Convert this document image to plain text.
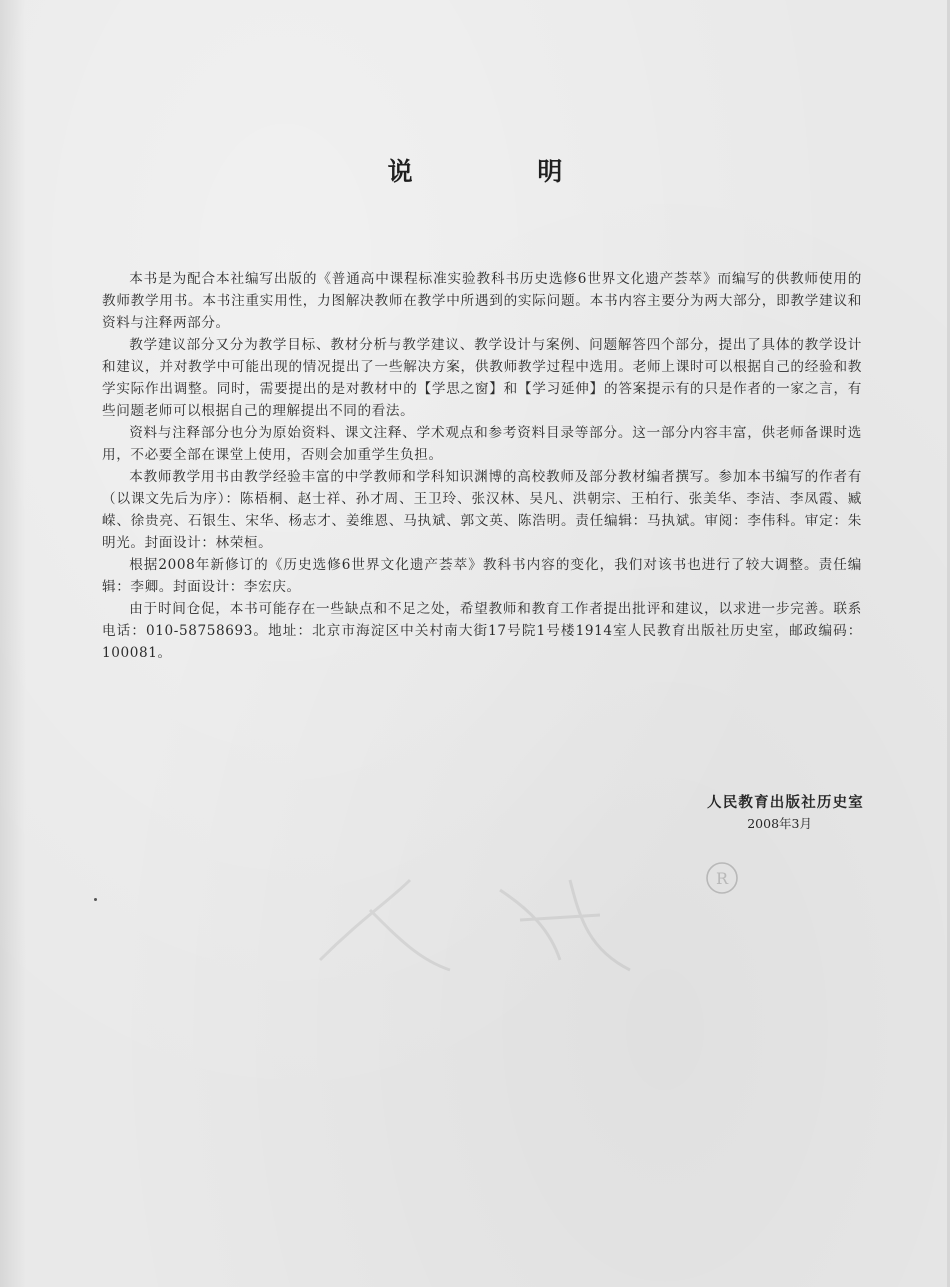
说 明

本书是为配合本社编写出版的《普通高中课程标准实验教科书历史选修6世界文化遗产荟萃》而编写的供教师使用的教师教学用书。本书注重实用性，力图解决教师在教学中所遇到的实际问题。本书内容主要分为两大部分，即教学建议和资料与注释两部分。

教学建议部分又分为教学目标、教材分析与教学建议、教学设计与案例、问题解答四个部分，提出了具体的教学设计和建议，并对教学中可能出现的情况提出了一些解决方案，供教师教学过程中选用。老师上课时可以根据自己的经验和教学实际作出调整。同时，需要提出的是对教材中的【学思之窗】和【学习延伸】的答案提示有的只是作者的一家之言，有些问题老师可以根据自己的理解提出不同的看法。

资料与注释部分也分为原始资料、课文注释、学术观点和参考资料目录等部分。这一部分内容丰富，供老师备课时选用，不必要全部在课堂上使用，否则会加重学生负担。

本教师教学用书由教学经验丰富的中学教师和学科知识渊博的高校教师及部分教材编者撰写。参加本书编写的作者有（以课文先后为序）：陈梧桐、赵士祥、孙才周、王卫玲、张汉林、吴凡、洪朝宗、王柏行、张美华、李洁、李凤霞、臧嵘、徐贵亮、石银生、宋华、杨志才、姜维恩、马执斌、郭文英、陈浩明。责任编辑：马执斌。审阅：李伟科。审定：朱明光。封面设计：林荣桓。

根据2008年新修订的《历史选修6世界文化遗产荟萃》教科书内容的变化，我们对该书也进行了较大调整。责任编辑：李卿。封面设计：李宏庆。

由于时间仓促，本书可能存在一些缺点和不足之处，希望教师和教育工作者提出批评和建议，以求进一步完善。联系电话：010-58758693。地址：北京市海淀区中关村南大街17号院1号楼1914室人民教育出版社历史室，邮政编码：100081。

人民教育出版社历史室
2008年3月
R
